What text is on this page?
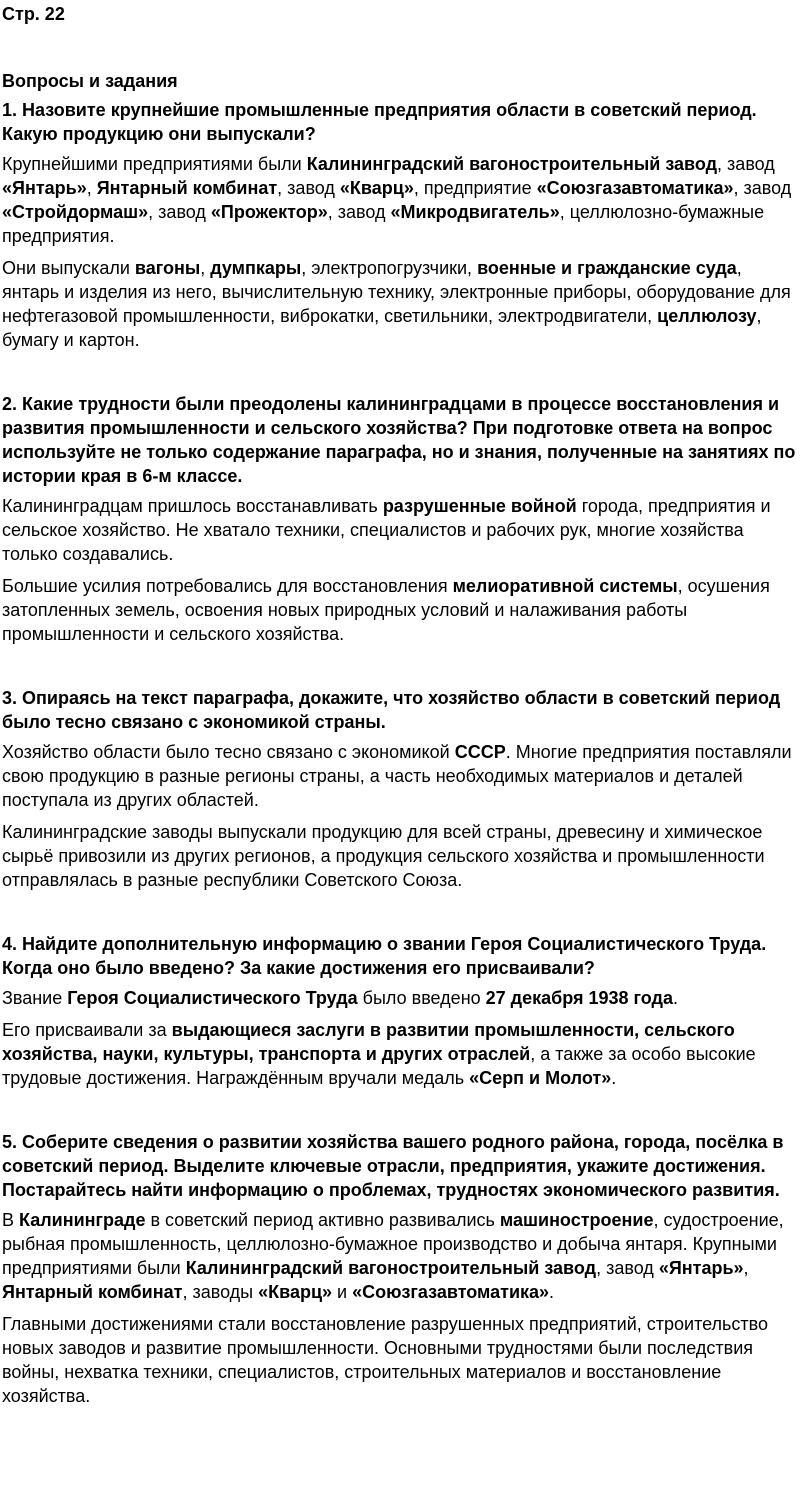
Стр. 22
Вопросы и задания
1. Назовите крупнейшие промышленные предприятия области в советский период. Какую продукцию они выпускали?

Крупнейшими предприятиями были Калининградский вагоностроительный завод, завод «Янтарь», Янтарный комбинат, завод «Кварц», предприятие «Союзгазавтоматика», завод «Стройдормаш», завод «Прожектор», завод «Микродвигатель», целлюлозно-бумажные предприятия.

Они выпускали вагоны, думпкары, электропогрузчики, военные и гражданские суда, янтарь и изделия из него, вычислительную технику, электронные приборы, оборудование для нефтегазовой промышленности, виброкатки, светильники, электродвигатели, целлюлозу, бумагу и картон.

2. Какие трудности были преодолены калининградцами в процессе восстановления и развития промышленности и сельского хозяйства? При подготовке ответа на вопрос используйте не только содержание параграфа, но и знания, полученные на занятиях по истории края в 6-м классе.

Калининградцам пришлось восстанавливать разрушенные войной города, предприятия и сельское хозяйство. Не хватало техники, специалистов и рабочих рук, многие хозяйства только создавались.

Большие усилия потребовались для восстановления мелиоративной системы, осушения затопленных земель, освоения новых природных условий и налаживания работы промышленности и сельского хозяйства.

3. Опираясь на текст параграфа, докажите, что хозяйство области в советский период было тесно связано с экономикой страны.

Хозяйство области было тесно связано с экономикой СССР. Многие предприятия поставляли свою продукцию в разные регионы страны, а часть необходимых материалов и деталей поступала из других областей.

Калининградские заводы выпускали продукцию для всей страны, древесину и химическое сырьё привозили из других регионов, а продукция сельского хозяйства и промышленности отправлялась в разные республики Советского Союза.

4. Найдите дополнительную информацию о звании Героя Социалистического Труда. Когда оно было введено? За какие достижения его присваивали?

Звание Героя Социалистического Труда было введено 27 декабря 1938 года.

Его присваивали за выдающиеся заслуги в развитии промышленности, сельского хозяйства, науки, культуры, транспорта и других отраслей, а также за особо высокие трудовые достижения. Награждённым вручали медаль «Серп и Молот».

5. Соберите сведения о развитии хозяйства вашего родного района, города, посёлка в советский период. Выделите ключевые отрасли, предприятия, укажите достижения. Постарайтесь найти информацию о проблемах, трудностях экономического развития.

В Калининграде в советский период активно развивались машиностроение, судостроение, рыбная промышленность, целлюлозно-бумажное производство и добыча янтаря. Крупными предприятиями были Калининградский вагоностроительный завод, завод «Янтарь», Янтарный комбинат, заводы «Кварц» и «Союзгазавтоматика».

Главными достижениями стали восстановление разрушенных предприятий, строительство новых заводов и развитие промышленности. Основными трудностями были последствия войны, нехватка техники, специалистов, строительных материалов и восстановление хозяйства.
